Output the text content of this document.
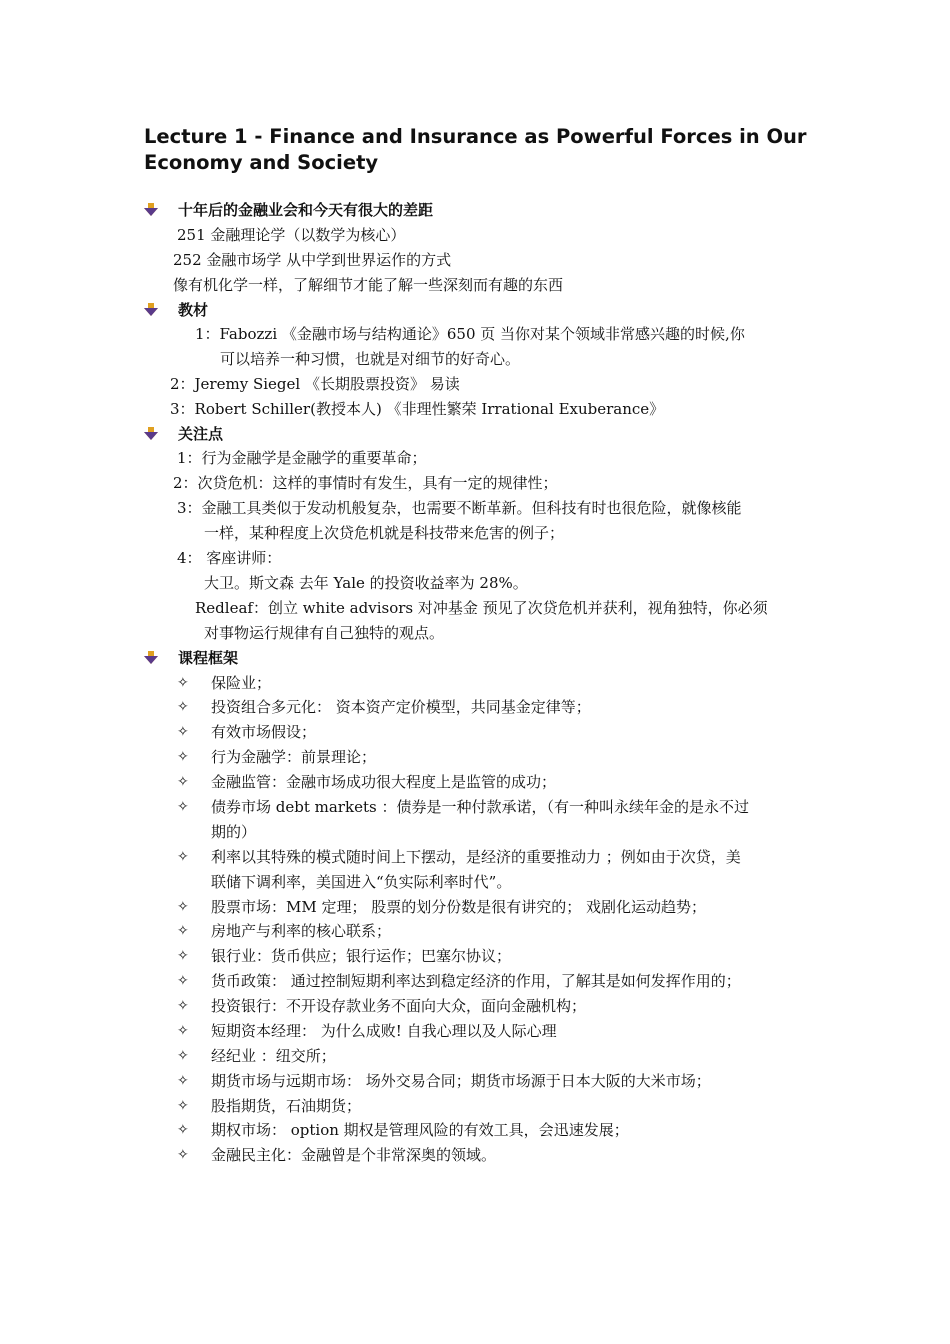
Lecture 1 - Finance and Insurance as Powerful Forces in Our Economy and Society
十年后的金融业会和今天有很大的差距
251 金融理论学（以数学为核心）
252 金融市场学 从中学到世界运作的方式
像有机化学一样，了解细节才能了解一些深刻而有趣的东西
教材
1：Fabozzi 《金融市场与结构通论》650 页 当你对某个领域非常感兴趣的时候,你
可以培养一种习惯，也就是对细节的好奇心。
2：Jeremy Siegel 《长期股票投资》 易读
3：Robert Schiller(教授本人) 《非理性繁荣 Irrational Exuberance》
关注点
1：行为金融学是金融学的重要革命；
2：次贷危机：这样的事情时有发生，具有一定的规律性；
3：金融工具类似于发动机般复杂，也需要不断革新。但科技有时也很危险，就像核能
一样，某种程度上次贷危机就是科技带来危害的例子；
4： 客座讲师：
大卫。斯文森 去年 Yale 的投资收益率为 28%。
Redleaf：创立 white advisors 对冲基金 预见了次贷危机并获利，视角独特，你必须
对事物运行规律有自己独特的观点。
课程框架
✧ 保险业；
✧ 投资组合多元化： 资本资产定价模型，共同基金定律等；
✧ 有效市场假设；
✧ 行为金融学：前景理论；
✧ 金融监管：金融市场成功很大程度上是监管的成功；
✧ 债券市场 debt markets ：债券是一种付款承诺，（有一种叫永续年金的是永不过
期的）
✧ 利率以其特殊的模式随时间上下摆动，是经济的重要推动力 ；例如由于次贷，美
联储下调利率，美国进入“负实际利率时代”。
✧ 股票市场：MM 定理； 股票的划分份数是很有讲究的； 戏剧化运动趋势；
✧ 房地产与利率的核心联系；
✧ 银行业：货币供应；银行运作；巴塞尔协议；
✧ 货币政策： 通过控制短期利率达到稳定经济的作用，了解其是如何发挥作用的；
✧ 投资银行：不开设存款业务不面向大众，面向金融机构；
✧ 短期资本经理： 为什么成败! 自我心理以及人际心理
✧ 经纪业 ：纽交所；
✧ 期货市场与远期市场： 场外交易合同；期货市场源于日本大阪的大米市场；
✧ 股指期货，石油期货；
✧ 期权市场： option 期权是管理风险的有效工具，会迅速发展；
✧ 金融民主化：金融曾是个非常深奥的领域。
